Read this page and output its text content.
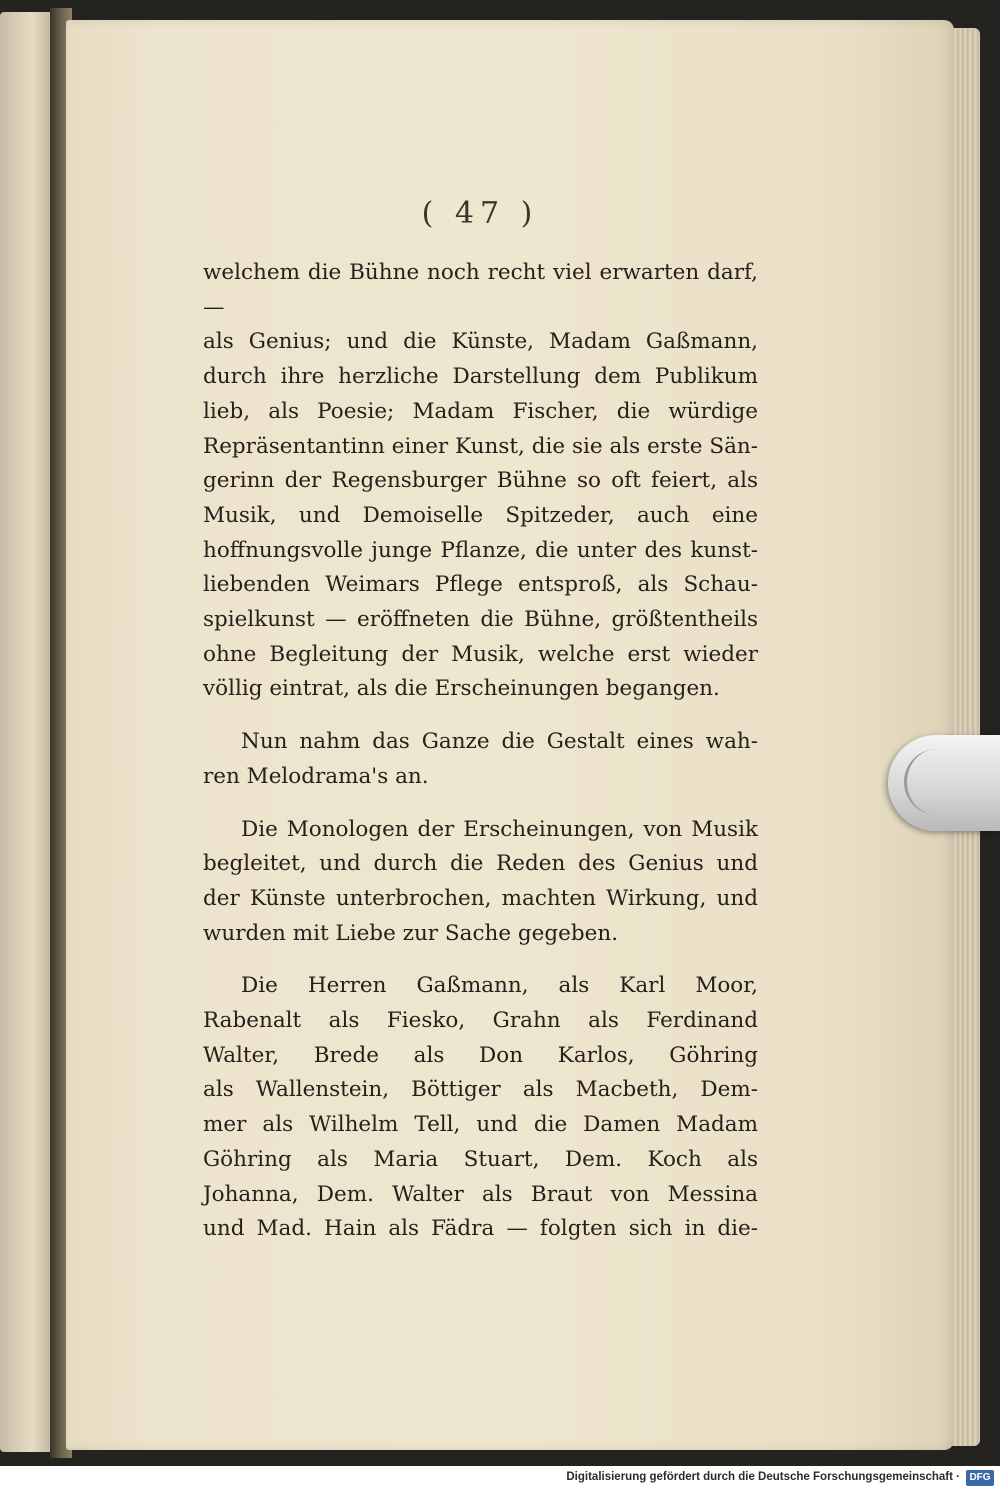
( 47 )

welchem die Bühne noch recht viel erwarten darf, —

als Genius; und die Künste, Madam Gaßmann,

durch ihre herzliche Darstellung dem Publikum

lieb, als Poesie; Madam Fischer, die würdige

Repräsentantinn einer Kunst, die sie als erste Sän-

gerinn der Regensburger Bühne so oft feiert, als

Musik, und Demoiselle Spitzeder, auch eine

hoffnungsvolle junge Pflanze, die unter des kunst-

liebenden Weimars Pflege entsproß, als Schau-

spielkunst — eröffneten die Bühne, größtentheils

ohne Begleitung der Musik, welche erst wieder

völlig eintrat, als die Erscheinungen begangen.

Nun nahm das Ganze die Gestalt eines wah-

ren Melodrama's an.

Die Monologen der Erscheinungen, von Musik

begleitet, und durch die Reden des Genius und

der Künste unterbrochen, machten Wirkung, und

wurden mit Liebe zur Sache gegeben.

Die Herren Gaßmann, als Karl Moor,

Rabenalt als Fiesko, Grahn als Ferdinand

Walter, Brede als Don Karlos, Göhring

als Wallenstein, Böttiger als Macbeth, Dem-

mer als Wilhelm Tell, und die Damen Madam

Göhring als Maria Stuart, Dem. Koch als

Johanna, Dem. Walter als Braut von Messina

und Mad. Hain als Fädra — folgten sich in die-

Digitalisierung gefördert durch die Deutsche Forschungsgemeinschaft · DFG
